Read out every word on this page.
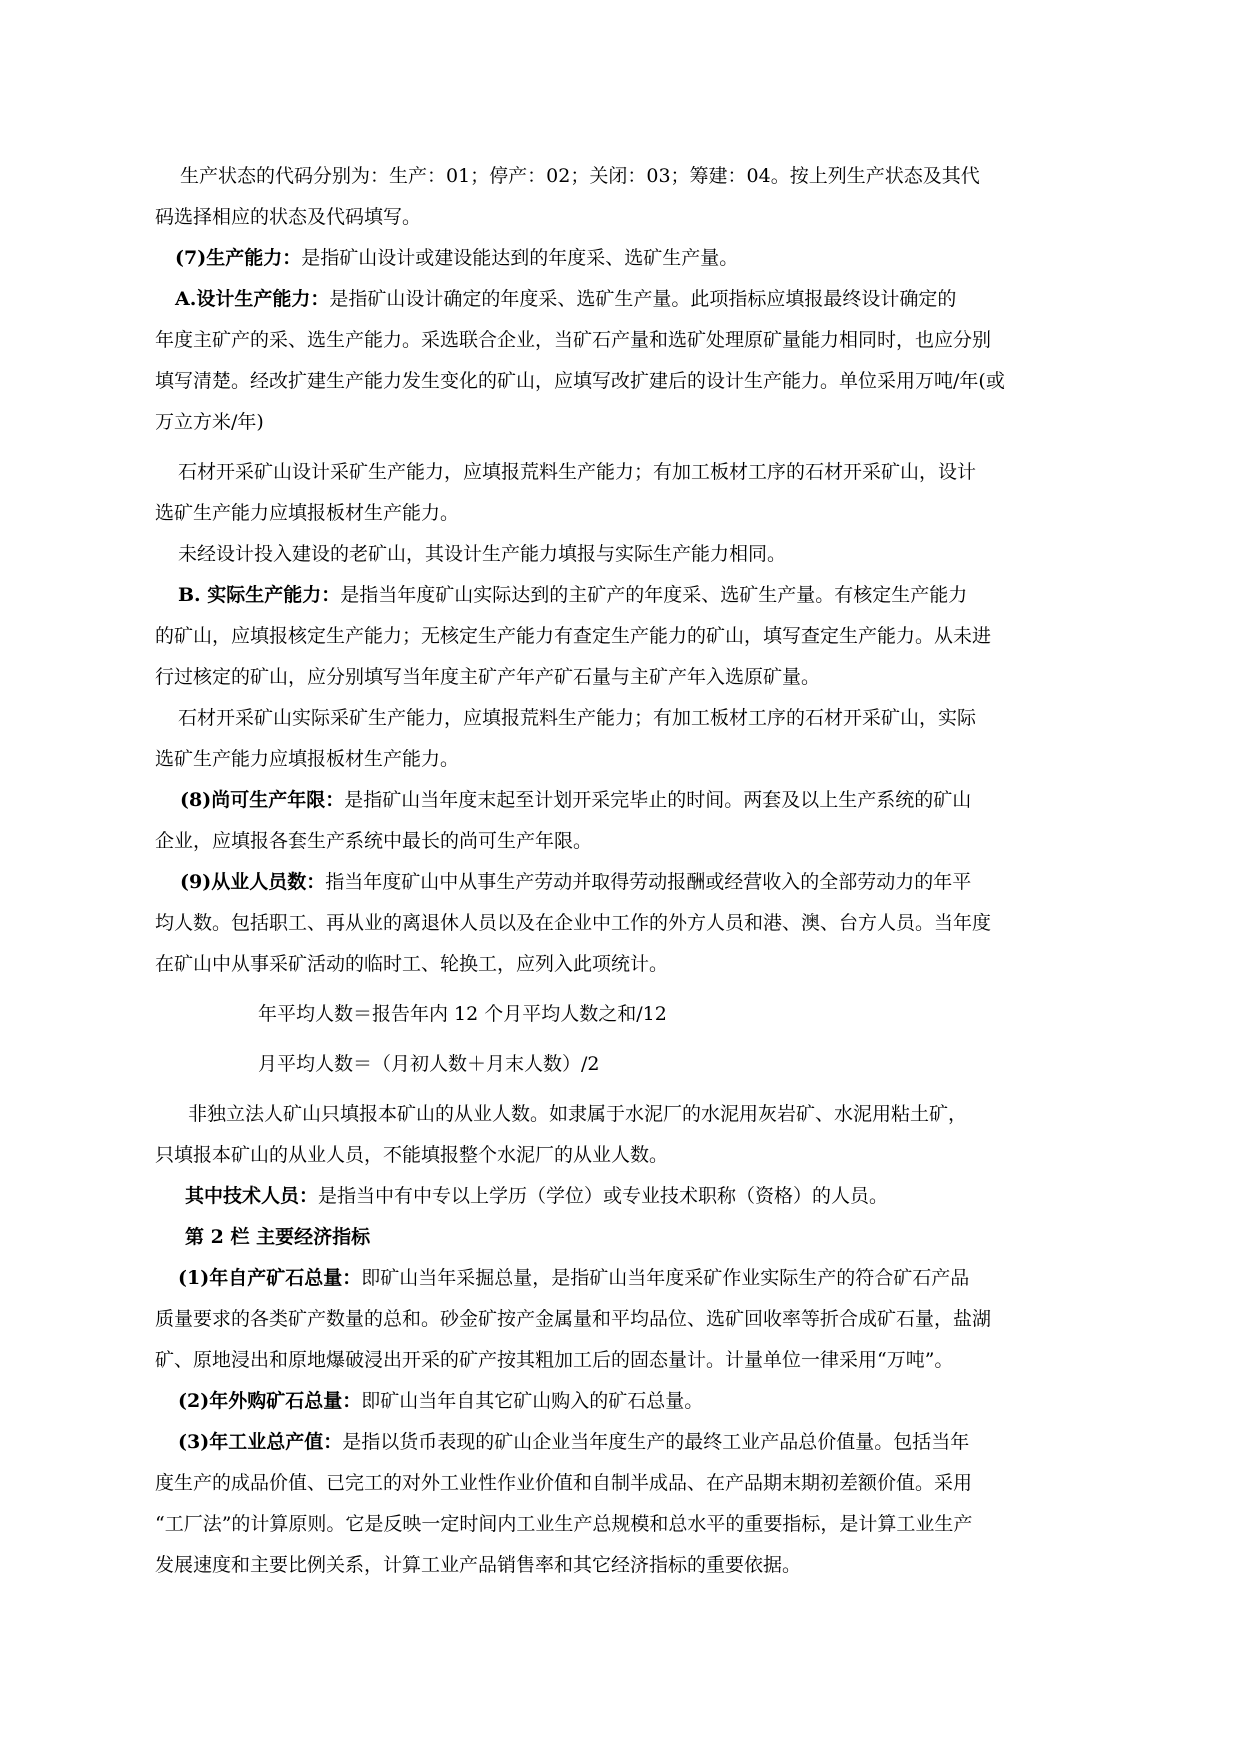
生产状态的代码分别为：生产：01；停产：02；关闭：03；筹建：04。按上列生产状态及其代
码选择相应的状态及代码填写。
(7)生产能力：是指矿山设计或建设能达到的年度采、选矿生产量。
A.设计生产能力：是指矿山设计确定的年度采、选矿生产量。此项指标应填报最终设计确定的
年度主矿产的采、选生产能力。采选联合企业，当矿石产量和选矿处理原矿量能力相同时，也应分别
填写清楚。经改扩建生产能力发生变化的矿山，应填写改扩建后的设计生产能力。单位采用万吨/年(或
万立方米/年)
石材开采矿山设计采矿生产能力，应填报荒料生产能力；有加工板材工序的石材开采矿山，设计
选矿生产能力应填报板材生产能力。
未经设计投入建设的老矿山，其设计生产能力填报与实际生产能力相同。
B. 实际生产能力：是指当年度矿山实际达到的主矿产的年度采、选矿生产量。有核定生产能力
的矿山，应填报核定生产能力；无核定生产能力有查定生产能力的矿山，填写查定生产能力。从未进
行过核定的矿山，应分别填写当年度主矿产年产矿石量与主矿产年入选原矿量。
石材开采矿山实际采矿生产能力，应填报荒料生产能力；有加工板材工序的石材开采矿山，实际
选矿生产能力应填报板材生产能力。
(8)尚可生产年限：是指矿山当年度末起至计划开采完毕止的时间。两套及以上生产系统的矿山
企业，应填报各套生产系统中最长的尚可生产年限。
(9)从业人员数：指当年度矿山中从事生产劳动并取得劳动报酬或经营收入的全部劳动力的年平
均人数。包括职工、再从业的离退休人员以及在企业中工作的外方人员和港、澳、台方人员。当年度
在矿山中从事采矿活动的临时工、轮换工，应列入此项统计。
年平均人数＝报告年内 12 个月平均人数之和/12
月平均人数＝（月初人数＋月末人数）/2
非独立法人矿山只填报本矿山的从业人数。如隶属于水泥厂的水泥用灰岩矿、水泥用粘土矿，
只填报本矿山的从业人员，不能填报整个水泥厂的从业人数。
其中技术人员：是指当中有中专以上学历（学位）或专业技术职称（资格）的人员。
第 2 栏 主要经济指标
(1)年自产矿石总量：即矿山当年采掘总量，是指矿山当年度采矿作业实际生产的符合矿石产品
质量要求的各类矿产数量的总和。砂金矿按产金属量和平均品位、选矿回收率等折合成矿石量，盐湖
矿、原地浸出和原地爆破浸出开采的矿产按其粗加工后的固态量计。计量单位一律采用“万吨”。
(2)年外购矿石总量：即矿山当年自其它矿山购入的矿石总量。
(3)年工业总产值：是指以货币表现的矿山企业当年度生产的最终工业产品总价值量。包括当年
度生产的成品价值、已完工的对外工业性作业价值和自制半成品、在产品期末期初差额价值。采用
“工厂法”的计算原则。它是反映一定时间内工业生产总规模和总水平的重要指标，是计算工业生产
发展速度和主要比例关系，计算工业产品销售率和其它经济指标的重要依据。
